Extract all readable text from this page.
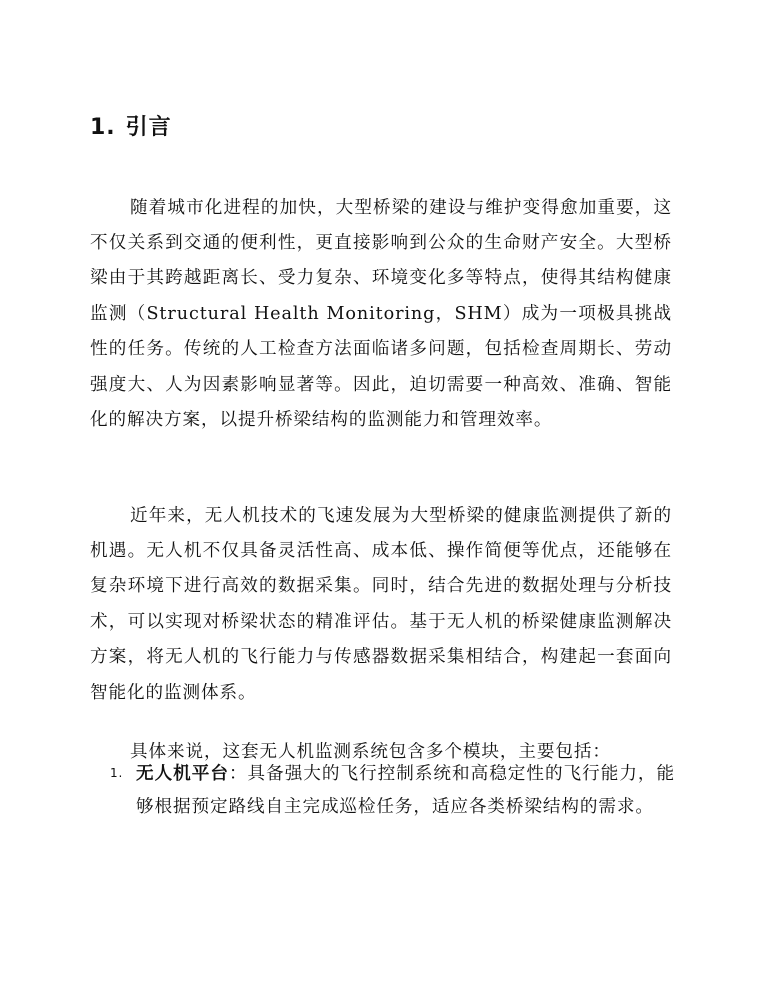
1. 引言

随着城市化进程的加快，大型桥梁的建设与维护变得愈加重要，这不仅关系到交通的便利性，更直接影响到公众的生命财产安全。大型桥梁由于其跨越距离长、受力复杂、环境变化多等特点，使得其结构健康监测（Structural Health Monitoring，SHM）成为一项极具挑战性的任务。传统的人工检查方法面临诸多问题，包括检查周期长、劳动强度大、人为因素影响显著等。因此，迫切需要一种高效、准确、智能化的解决方案，以提升桥梁结构的监测能力和管理效率。

近年来，无人机技术的飞速发展为大型桥梁的健康监测提供了新的机遇。无人机不仅具备灵活性高、成本低、操作简便等优点，还能够在复杂环境下进行高效的数据采集。同时，结合先进的数据处理与分析技术，可以实现对桥梁状态的精准评估。基于无人机的桥梁健康监测解决方案，将无人机的飞行能力与传感器数据采集相结合，构建起一套面向智能化的监测体系。

具体来说，这套无人机监测系统包含多个模块，主要包括：

1. 无人机平台：具备强大的飞行控制系统和高稳定性的飞行能力，能够根据预定路线自主完成巡检任务，适应各类桥梁结构的需求。
